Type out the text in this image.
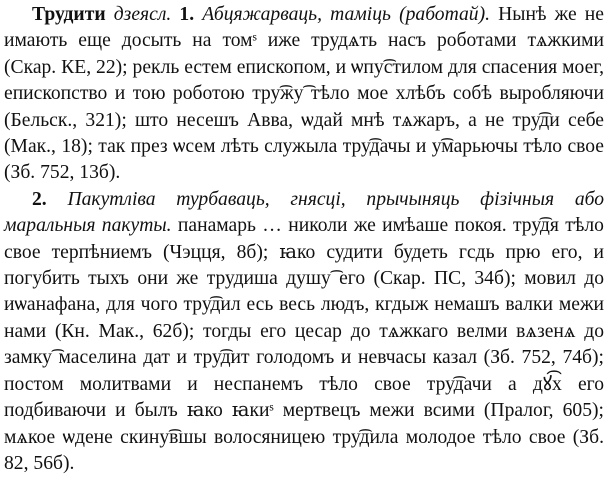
Трудити дзеясл. 1. Абцяжарваць, таміць (работай). Нынѣ же не имають еще досыть на томˢ иже трудѧть насъ роботами тѧжкими (Скар. КЕ, 22); рекль естем епископом, и ѡпу͡стилом для спасения моег, епископство и тою роботою тру͡жу͡ тѣло мое хлѣбъ собѣ выробляючи (Бельск., 321); што несешъ Авва, ѡдай мнѣ тѧжаръ, а не тру͡ди себе (Мак., 18); так през ѡсем лѣть служыла тру͡дачы и у͡марьючы тѣло свое (Зб. 752, 13б).

2. Пакутліва турбаваць, гнясці, прычыняць фізічныя або маральныя пакуты. панамарь … николи же имѣаше покоя. тру͡дя тѣло свое терпѣниемъ (Чэцця, 8б); ꙗко судити будеть гсдь прю его, и погубить тыхъ они же трудиша душу͡ его (Скар. ПС, 34б); мовил до иѡанафана, для чого тру͡дил есь весь людъ, кгдыж немашъ валки межи нами (Кн. Мак., 62б); тогды его цесар до тѧжкаго велми вѧзенѧ до замку͡ маселина дат и тру͡дит голодомъ и невчасы казал (Зб. 752, 74б); постом молитвами и неспанемъ тѣло свое тру͡дачи а дꙋ͡х его подбиваючи и былъ ꙗко ꙗкиˢ мертвецъ межи всими (Пралог, 605); мѧкое ѡдене скину͡вшы волосяницею тру͡дила молодое тѣло свое (Зб. 82, 56б).
